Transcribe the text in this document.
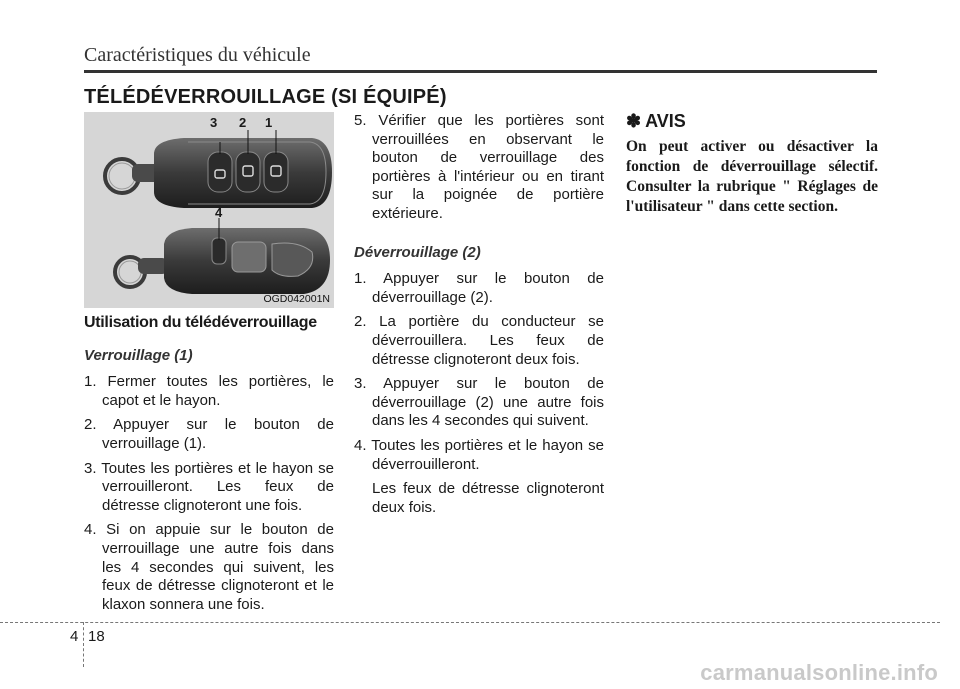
Caractéristiques du véhicule
TÉLÉDÉVERROUILLAGE (SI ÉQUIPÉ)
3 2 1
4
OGD042001N
Utilisation du télédéverrouillage
Verrouillage (1)
1. Fermer toutes les portières, le capot et le hayon.
2. Appuyer sur le bouton de verrouillage (1).
3. Toutes les portières et le hayon se verrouilleront. Les feux de détresse clignoteront une fois.
4. Si on appuie sur le bouton de verrouillage une autre fois dans les 4 secondes qui suivent, les feux de détresse clignoteront et le klaxon sonnera une fois.
5. Vérifier que les portières sont verrouillées en observant le bouton de verrouillage des portières à l'intérieur ou en tirant sur la poignée de portière extérieure.
Déverrouillage (2)
1. Appuyer sur le bouton de déverrouillage (2).
2. La portière du conducteur se déverrouillera. Les feux de détresse clignoteront deux fois.
3. Appuyer sur le bouton de déverrouillage (2) une autre fois dans les 4 secondes qui suivent.
4. Toutes les portières et le hayon se déverrouilleront.

Les feux de détresse clignoteront deux fois.

✽ AVIS

On peut activer ou désactiver la fonction de déverrouillage sélectif. Consulter la rubrique " Réglages de l'utilisateur " dans cette section.

4 18
carmanualsonline.info
